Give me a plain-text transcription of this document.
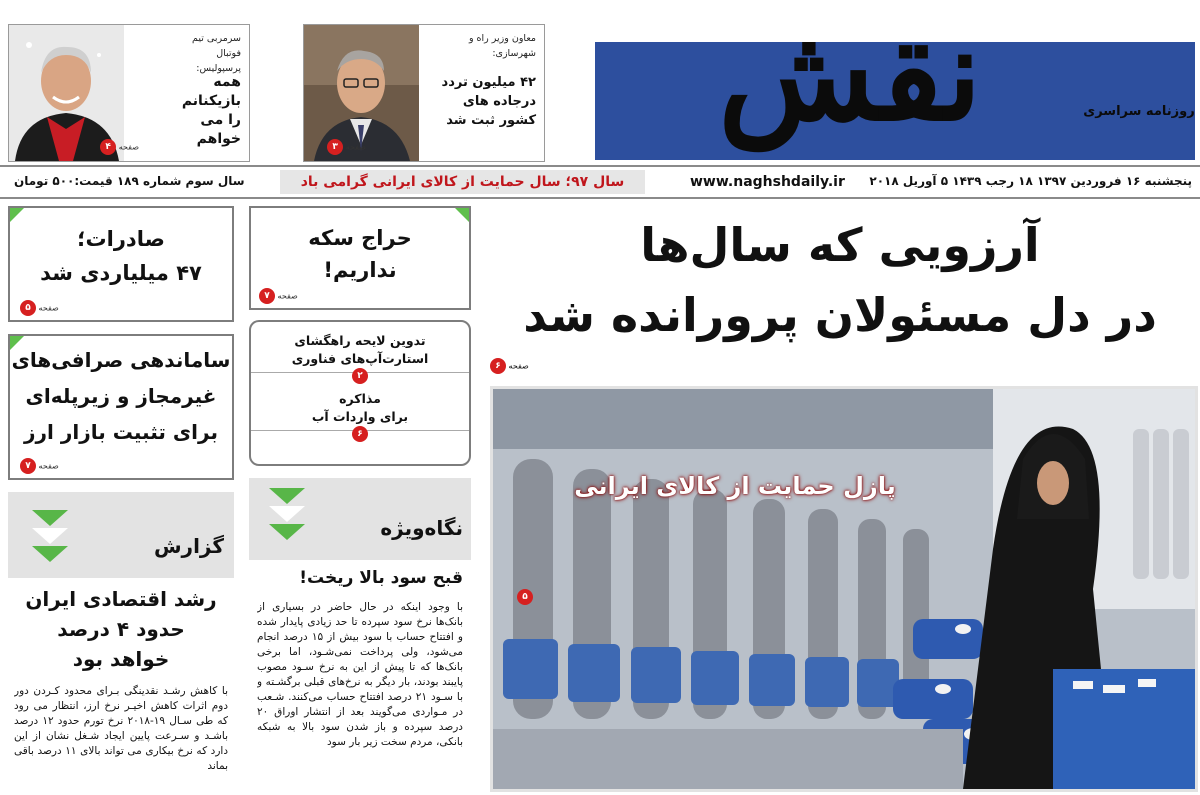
نقش	روزنامه سراسری
معاون وزیر راه و شهرسازی:
۴۲ میلیون تردد درجاده های کشور ثبت شد
صفحه ۳
سرمربی تیم فوتبال پرسپولیس:
همه بازیکنانم را می خواهم
صفحه ۴
پنجشنبه ۱۶ فروردین ۱۳۹۷ ۱۸ رجب ۱۴۳۹ ۵ آوریل ۲۰۱۸
www.naghshdaily.ir
سال ۹۷؛ سال حمایت از کالای ایرانی گرامی باد
سال سوم شماره ۱۸۹ قیمت:۵۰۰ تومان
آرزویی که سال‌ها
در دل مسئولان پرورانده شد
صفحه ۶
پازل حمایت از کالای ایرانی
۵
حراج سکه
نداریم!
صفحه ۷
تدوین لایحه راهگشای
استارت‌آپ‌های فناوری
۲
مذاکره
برای واردات آب
۶
نگاه‌ویژه
قبح سود بالا ریخت!
با وجود اینکه در حال حاضر در بسیاری از بانک‌ها نرخ سود سپرده تا حد زیادی پایدار شده و افتتاح حساب با سود بیش از ۱۵ درصد انجام می‌شود، ولی پرداخت نمی‌شـود، اما برخی بانک‌ها که تا پیش از این به نرخ سـود مصوب پایبند بودند، بار دیگر به نرخ‌های قبلی برگشـته و با سـود ۲۱ درصد افتتاح حساب می‌کنند. شـعب در مـواردی می‌گویند بعد از انتشار اوراق ۲۰ درصد سپرده و باز شدن سود بالا به شبکه بانکی، مردم سخت زیر بار سود
صادرات؛
۴۷ میلیاردی شد
صفحه ۵
ساماندهی صرافی‌های
غیرمجاز و زیرپله‌ای
برای تثبیت بازار ارز
صفحه ۷
گزارش
رشد اقتصادی ایران
حدود ۴ درصد
خواهد بود
با کاهش رشـد نقدینگی بـرای محدود کـردن دور دوم اثرات کاهش اخیـر نرخ ارز، انتظار می رود که طی سـال ۱۹-۲۰۱۸ نرخ تورم حدود ۱۲ درصد باشـد و سـرعت پایین ایجاد شـغل نشان از این دارد که نرخ بیکاری می تواند بالای ۱۱ درصد باقی بماند
